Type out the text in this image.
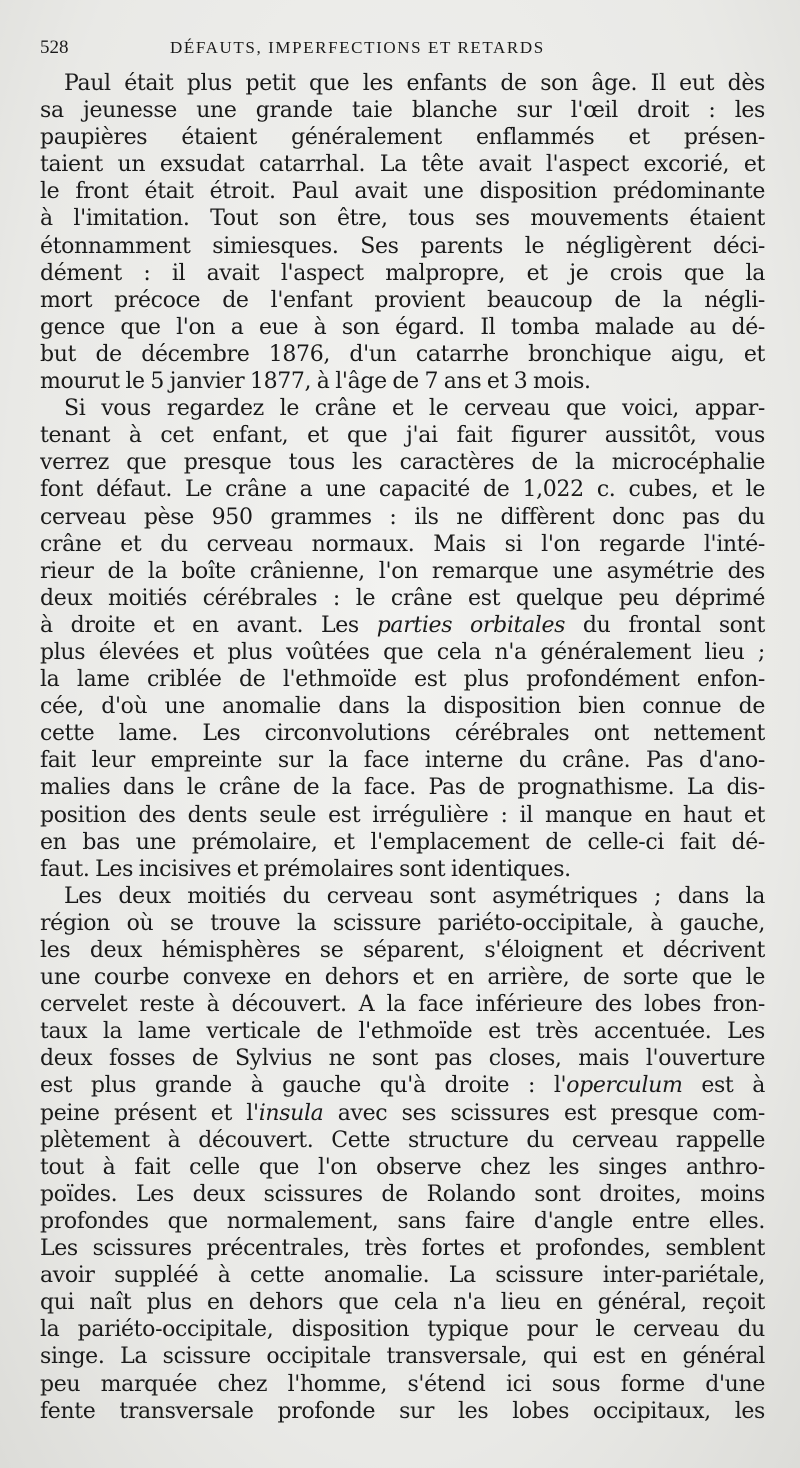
528	DÉFAUTS, IMPERFECTIONS ET RETARDS
Paul était plus petit que les enfants de son âge. Il eut dès
sa jeunesse une grande taie blanche sur l'œil droit : les
paupières étaient généralement enflammés et présen-
taient un exsudat catarrhal. La tête avait l'aspect excorié, et
le front était étroit. Paul avait une disposition prédominante
à l'imitation. Tout son être, tous ses mouvements étaient
étonnamment simiesques. Ses parents le négligèrent déci-
dément : il avait l'aspect malpropre, et je crois que la
mort précoce de l'enfant provient beaucoup de la négli-
gence que l'on a eue à son égard. Il tomba malade au dé-
but de décembre 1876, d'un catarrhe bronchique aigu, et
mourut le 5 janvier 1877, à l'âge de 7 ans et 3 mois.
Si vous regardez le crâne et le cerveau que voici, appar-
tenant à cet enfant, et que j'ai fait figurer aussitôt, vous
verrez que presque tous les caractères de la microcéphalie
font défaut. Le crâne a une capacité de 1,022 c. cubes, et le
cerveau pèse 950 grammes : ils ne diffèrent donc pas du
crâne et du cerveau normaux. Mais si l'on regarde l'inté-
rieur de la boîte crânienne, l'on remarque une asymétrie des
deux moitiés cérébrales : le crâne est quelque peu déprimé
à droite et en avant. Les parties orbitales du frontal sont
plus élevées et plus voûtées que cela n'a généralement lieu ;
la lame criblée de l'ethmoïde est plus profondément enfon-
cée, d'où une anomalie dans la disposition bien connue de
cette lame. Les circonvolutions cérébrales ont nettement
fait leur empreinte sur la face interne du crâne. Pas d'ano-
malies dans le crâne de la face. Pas de prognathisme. La dis-
position des dents seule est irrégulière : il manque en haut et
en bas une prémolaire, et l'emplacement de celle-ci fait dé-
faut. Les incisives et prémolaires sont identiques.
Les deux moitiés du cerveau sont asymétriques ; dans la
région où se trouve la scissure pariéto-occipitale, à gauche,
les deux hémisphères se séparent, s'éloignent et décrivent
une courbe convexe en dehors et en arrière, de sorte que le
cervelet reste à découvert. A la face inférieure des lobes fron-
taux la lame verticale de l'ethmoïde est très accentuée. Les
deux fosses de Sylvius ne sont pas closes, mais l'ouverture
est plus grande à gauche qu'à droite : l'operculum est à
peine présent et l'insula avec ses scissures est presque com-
plètement à découvert. Cette structure du cerveau rappelle
tout à fait celle que l'on observe chez les singes anthro-
poïdes. Les deux scissures de Rolando sont droites, moins
profondes que normalement, sans faire d'angle entre elles.
Les scissures précentrales, très fortes et profondes, semblent
avoir suppléé à cette anomalie. La scissure inter-pariétale,
qui naît plus en dehors que cela n'a lieu en général, reçoit
la pariéto-occipitale, disposition typique pour le cerveau du
singe. La scissure occipitale transversale, qui est en général
peu marquée chez l'homme, s'étend ici sous forme d'une
fente transversale profonde sur les lobes occipitaux, les
